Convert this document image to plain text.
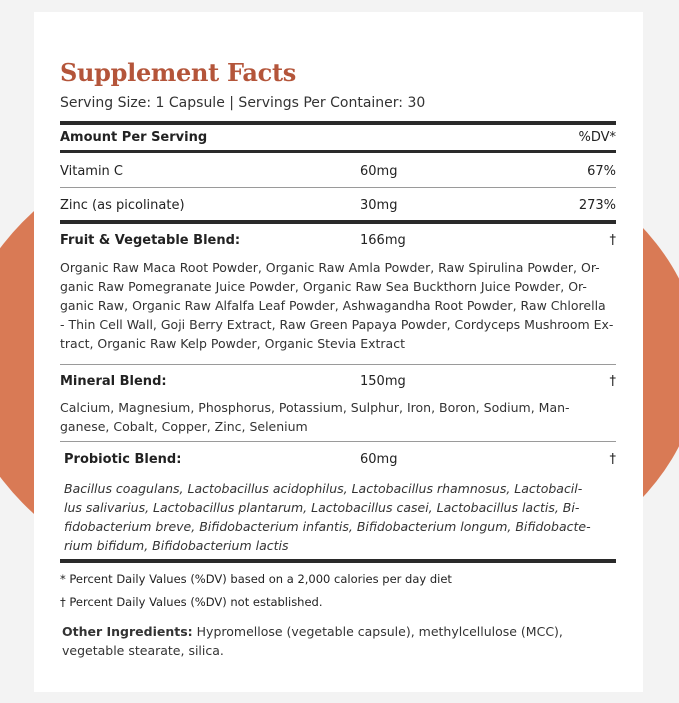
Supplement Facts
Serving Size: 1 Capsule | Servings Per Container: 30
Amount Per Serving	%DV*
Vitamin C	60mg	67%
Zinc (as picolinate)	30mg	273%
Fruit & Vegetable Blend:	166mg	†
Organic Raw Maca Root Powder, Organic Raw Amla Powder, Raw Spirulina Powder, Or-
ganic Raw Pomegranate Juice Powder, Organic Raw Sea Buckthorn Juice Powder, Or-
ganic Raw, Organic Raw Alfalfa Leaf Powder, Ashwagandha Root Powder, Raw Chlorella
- Thin Cell Wall, Goji Berry Extract, Raw Green Papaya Powder, Cordyceps Mushroom Ex-
tract, Organic Raw Kelp Powder, Organic Stevia Extract
Mineral Blend:	150mg	†
Calcium, Magnesium, Phosphorus, Potassium, Sulphur, Iron, Boron, Sodium, Man-
ganese, Cobalt, Copper, Zinc, Selenium
Probiotic Blend:	60mg	†
Bacillus coagulans, Lactobacillus acidophilus, Lactobacillus rhamnosus, Lactobacil-
lus salivarius, Lactobacillus plantarum, Lactobacillus casei, Lactobacillus lactis, Bi-
fidobacterium breve, Bifidobacterium infantis, Bifidobacterium longum, Bifidobacte-
rium bifidum, Bifidobacterium lactis
* Percent Daily Values (%DV) based on a 2,000 calories per day diet
† Percent Daily Values (%DV) not established.
Other Ingredients: Hypromellose (vegetable capsule), methylcellulose (MCC),
vegetable stearate, silica.
